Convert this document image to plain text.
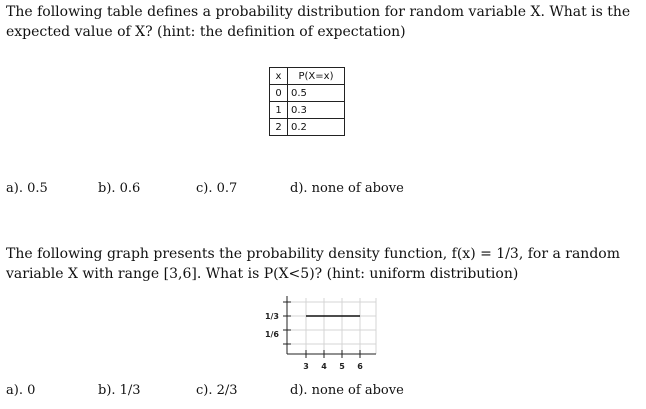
The following table defines a probability distribution for random variable X. What is the expected value of X? (hint: the definition of expectation)

x	P(X=x)
0	0.5
1	0.3
2	0.2
a). 0.5	b). 0.6	c). 0.7	d). none of above

The following graph presents the probability density function, f(x) = 1/3, for a random variable X with range [3,6]. What is P(X<5)? (hint: uniform distribution)

1/3
1/6
3 4 5 6
a). 0	b). 1/3	c). 2/3	d). none of above
